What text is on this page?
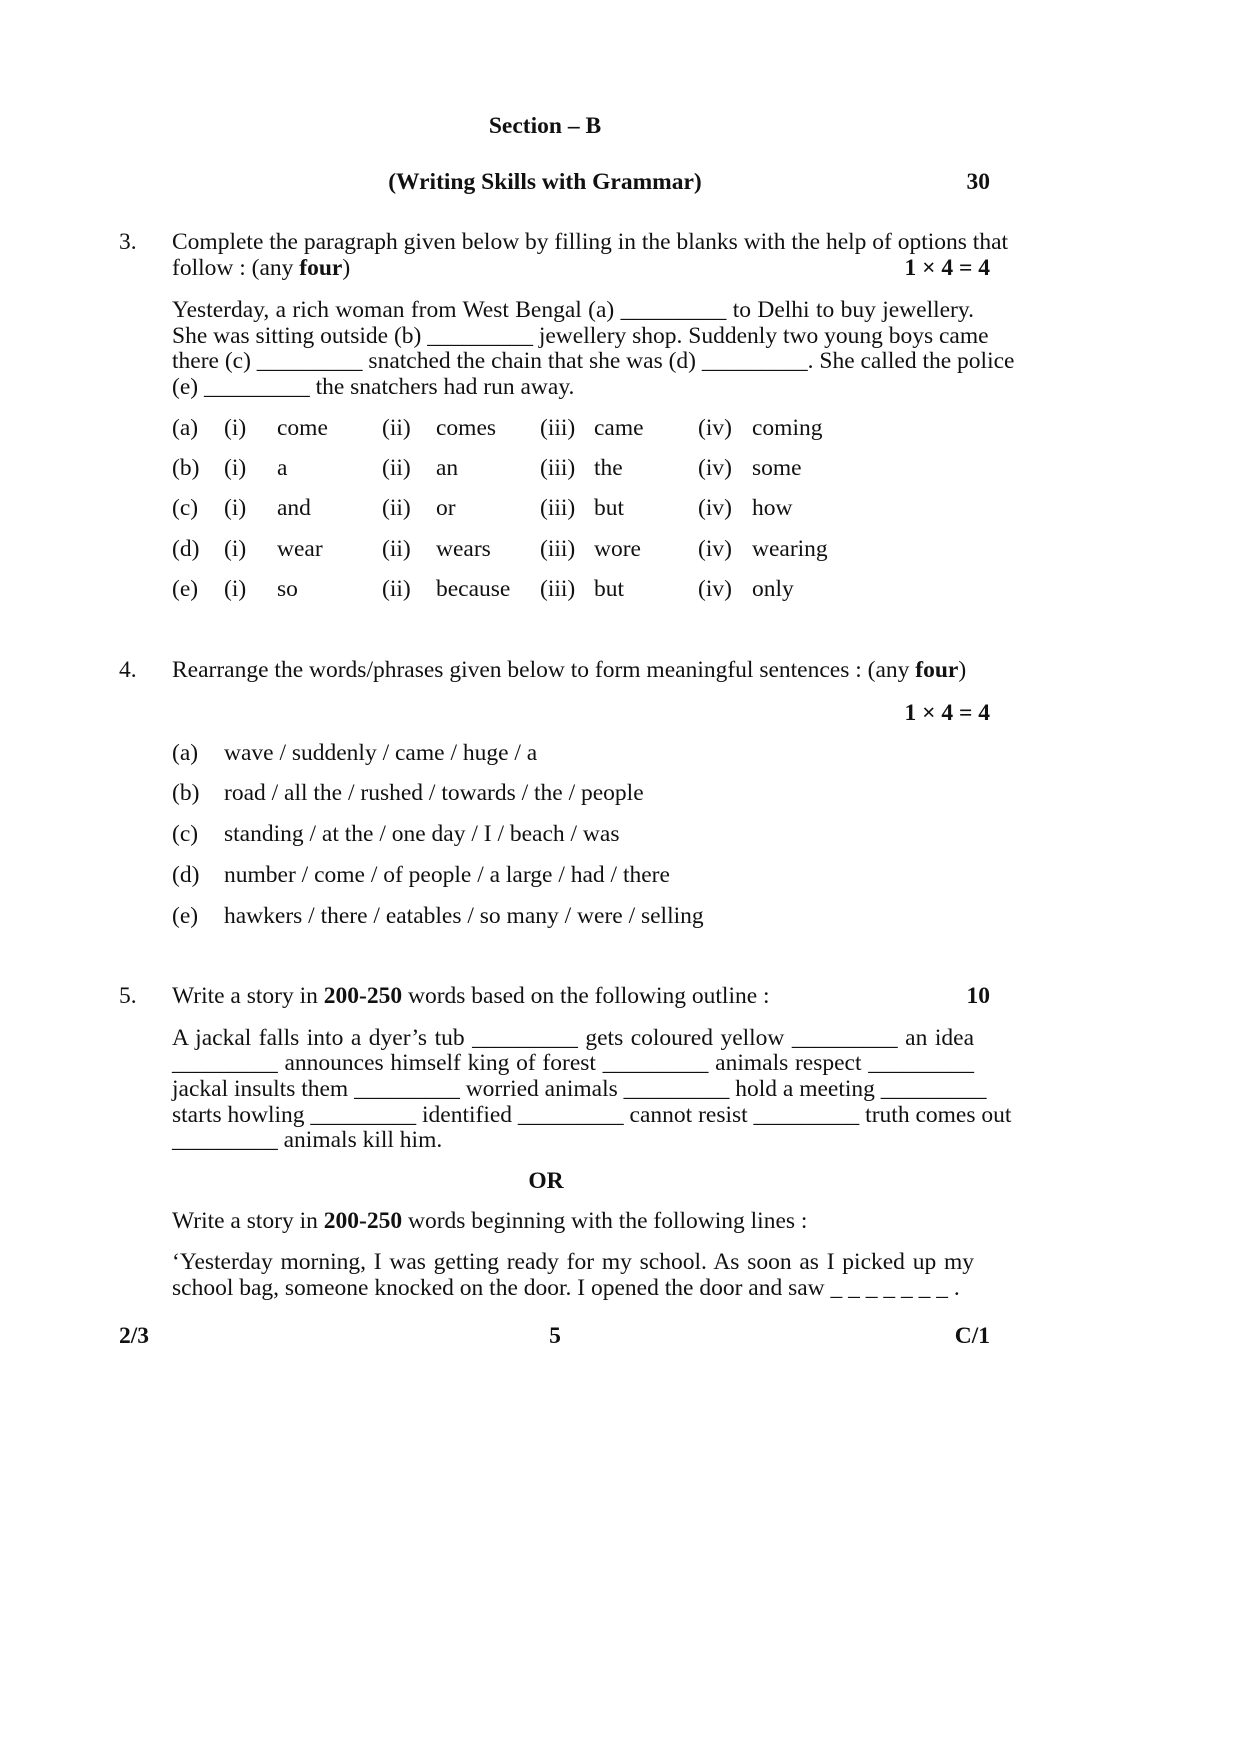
Section – B
(Writing Skills with Grammar)	30
3. Complete the paragraph given below by filling in the blanks with the help of options that
follow : (any four)	1 × 4 = 4
Yesterday, a rich woman from West Bengal (a) _________ to Delhi to buy jewellery.
She was sitting outside (b) _________ jewellery shop. Suddenly two young boys came
there (c) _________ snatched the chain that she was (d) _________. She called the police
(e) _________ the snatchers had run away.
(a) (i) come (ii) comes (iii) came (iv) coming
(b) (i) a	(ii) an	(iii) the	(iv) some
(c) (i) and	(ii) or	(iii) but	(iv) how
(d) (i) wear	(ii) wears (iii) wore (iv) wearing
(e) (i) so	(ii) because (iii) but	(iv) only
4. Rearrange the words/phrases given below to form meaningful sentences : (any four)
1 × 4 = 4
(a) wave / suddenly / came / huge / a
(b) road / all the / rushed / towards / the / people
(c) standing / at the / one day / I / beach / was
(d) number / come / of people / a large / had / there
(e) hawkers / there / eatables / so many / were / selling
5. Write a story in 200-250 words based on the following outline :	10
A jackal falls into a dyer’s tub _________ gets coloured yellow _________ an idea
_________ announces himself king of forest _________ animals respect _________
jackal insults them _________ worried animals _________ hold a meeting _________
starts howling _________ identified _________ cannot resist _________ truth comes out
_________ animals kill him.
OR
Write a story in 200-250 words beginning with the following lines :
‘Yesterday morning, I was getting ready for my school. As soon as I picked up my
school bag, someone knocked on the door. I opened the door and saw _ _ _ _ _ _ _ .
2/3	5	C/1
